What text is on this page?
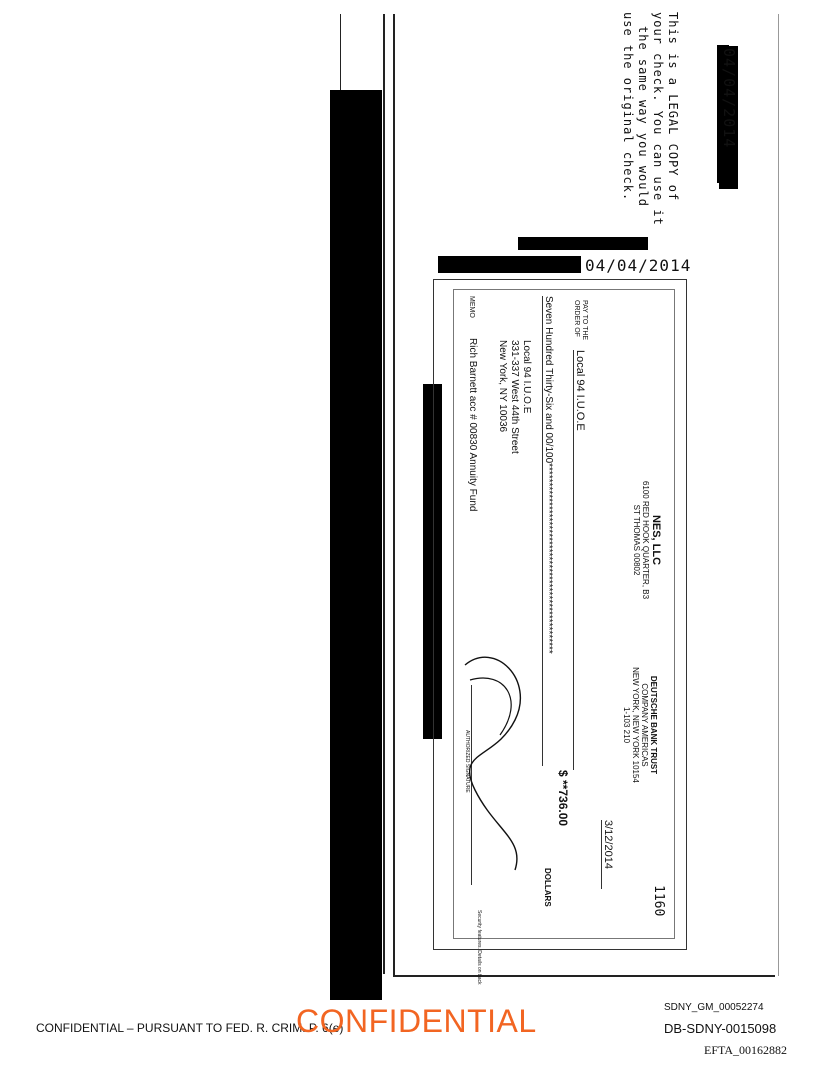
04/04/2014
This is a LEGAL COPY of
your check. You can use it
the same way you would
use the original check.
04/04/2014
NES, LLC
6100 RED HOOK QUARTER, B3
ST THOMAS 00802
DEUTSCHE BANK TRUST
COMPANY AMERICAS
NEW YORK, NEW YORK 10154
1-103 210
1160
3/12/2014
PAY TO THE
ORDER OF
Local 94 I.U.O.E
$ **736.00
Seven Hundred Thirty-Six and 00/100*************************************************
DOLLARS
Local 94 I.U.O.E
331-337 West 44th Street
New York, NY 10036
MEMO
Rich Barnett acc # 00830 Annuity Fund
AUTHORIZED SIGNATURE
Security features. Details on back
CONFIDENTIAL – PURSUANT TO FED. R. CRIM. P. 6(e)
CONFIDENTIAL	SDNY_GM_00052274
DB-SDNY-0015098
EFTA_00162882
